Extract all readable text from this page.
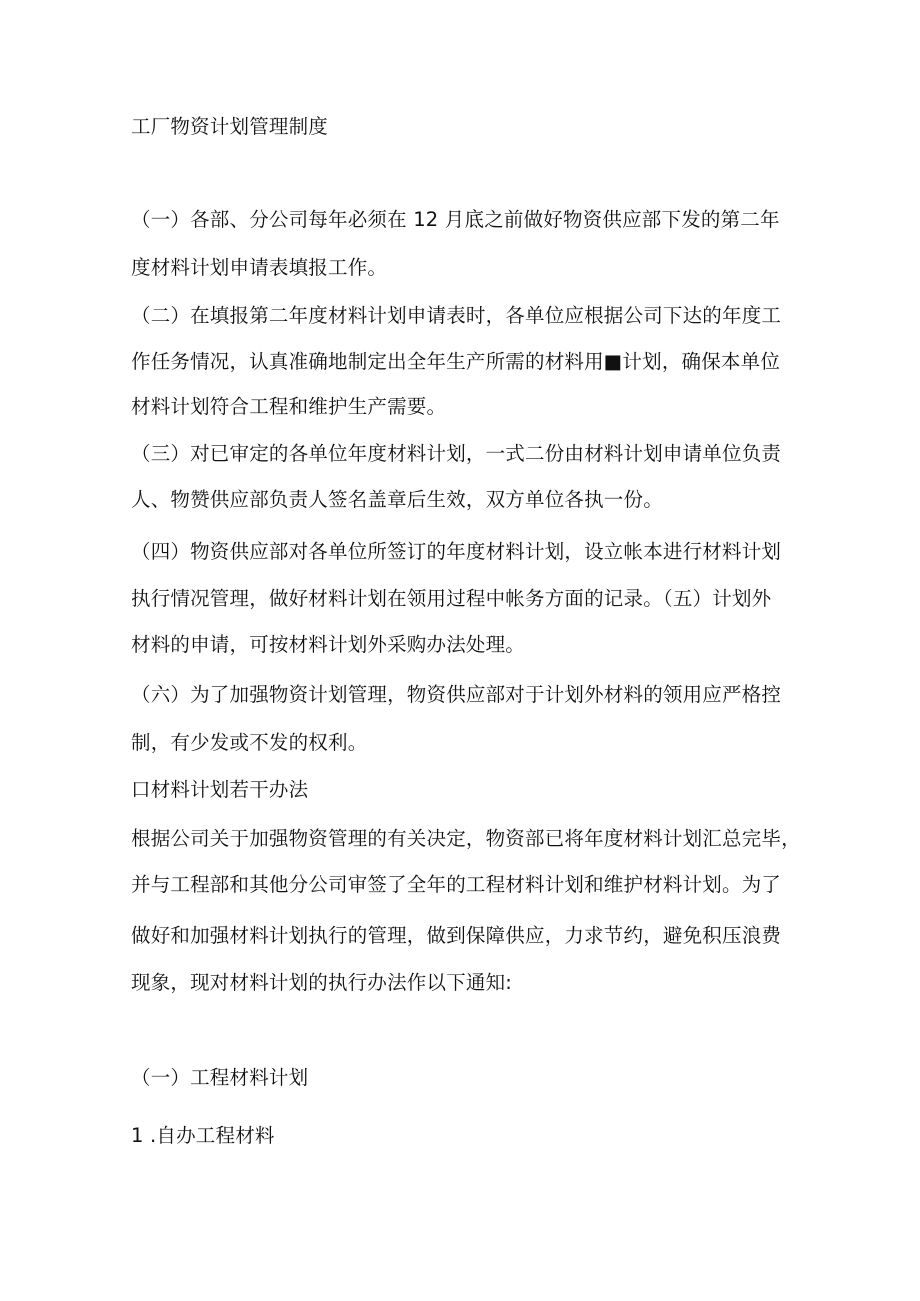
工厂物资计划管理制度
（一）各部、分公司每年必须在 12 月底之前做好物资供应部下发的第二年
度材料计划申请表填报工作。
（二）在填报第二年度材料计划申请表时，各单位应根据公司下达的年度工
作任务情况，认真准确地制定出全年生产所需的材料用■计划，确保本单位
材料计划符合工程和维护生产需要。
（三）对已审定的各单位年度材料计划，一式二份由材料计划申请单位负责
人、物赞供应部负责人签名盖章后生效，双方单位各执一份。
（四）物资供应部对各单位所签订的年度材料计划，设立帐本进行材料计划
执行情况管理，做好材料计划在领用过程中帐务方面的记录。（五）计划外
材料的申请，可按材料计划外采购办法处理。
（六）为了加强物资计划管理，物资供应部对于计划外材料的领用应严格控
制，有少发或不发的权利。
口材料计划若干办法
根据公司关于加强物资管理的有关决定，物资部已将年度材料计划汇总完毕，
并与工程部和其他分公司审签了全年的工程材料计划和维护材料计划。为了
做好和加强材料计划执行的管理，做到保障供应，力求节约，避免积压浪费
现象，现对材料计划的执行办法作以下通知:
（一）工程材料计划
1 .自办工程材料
